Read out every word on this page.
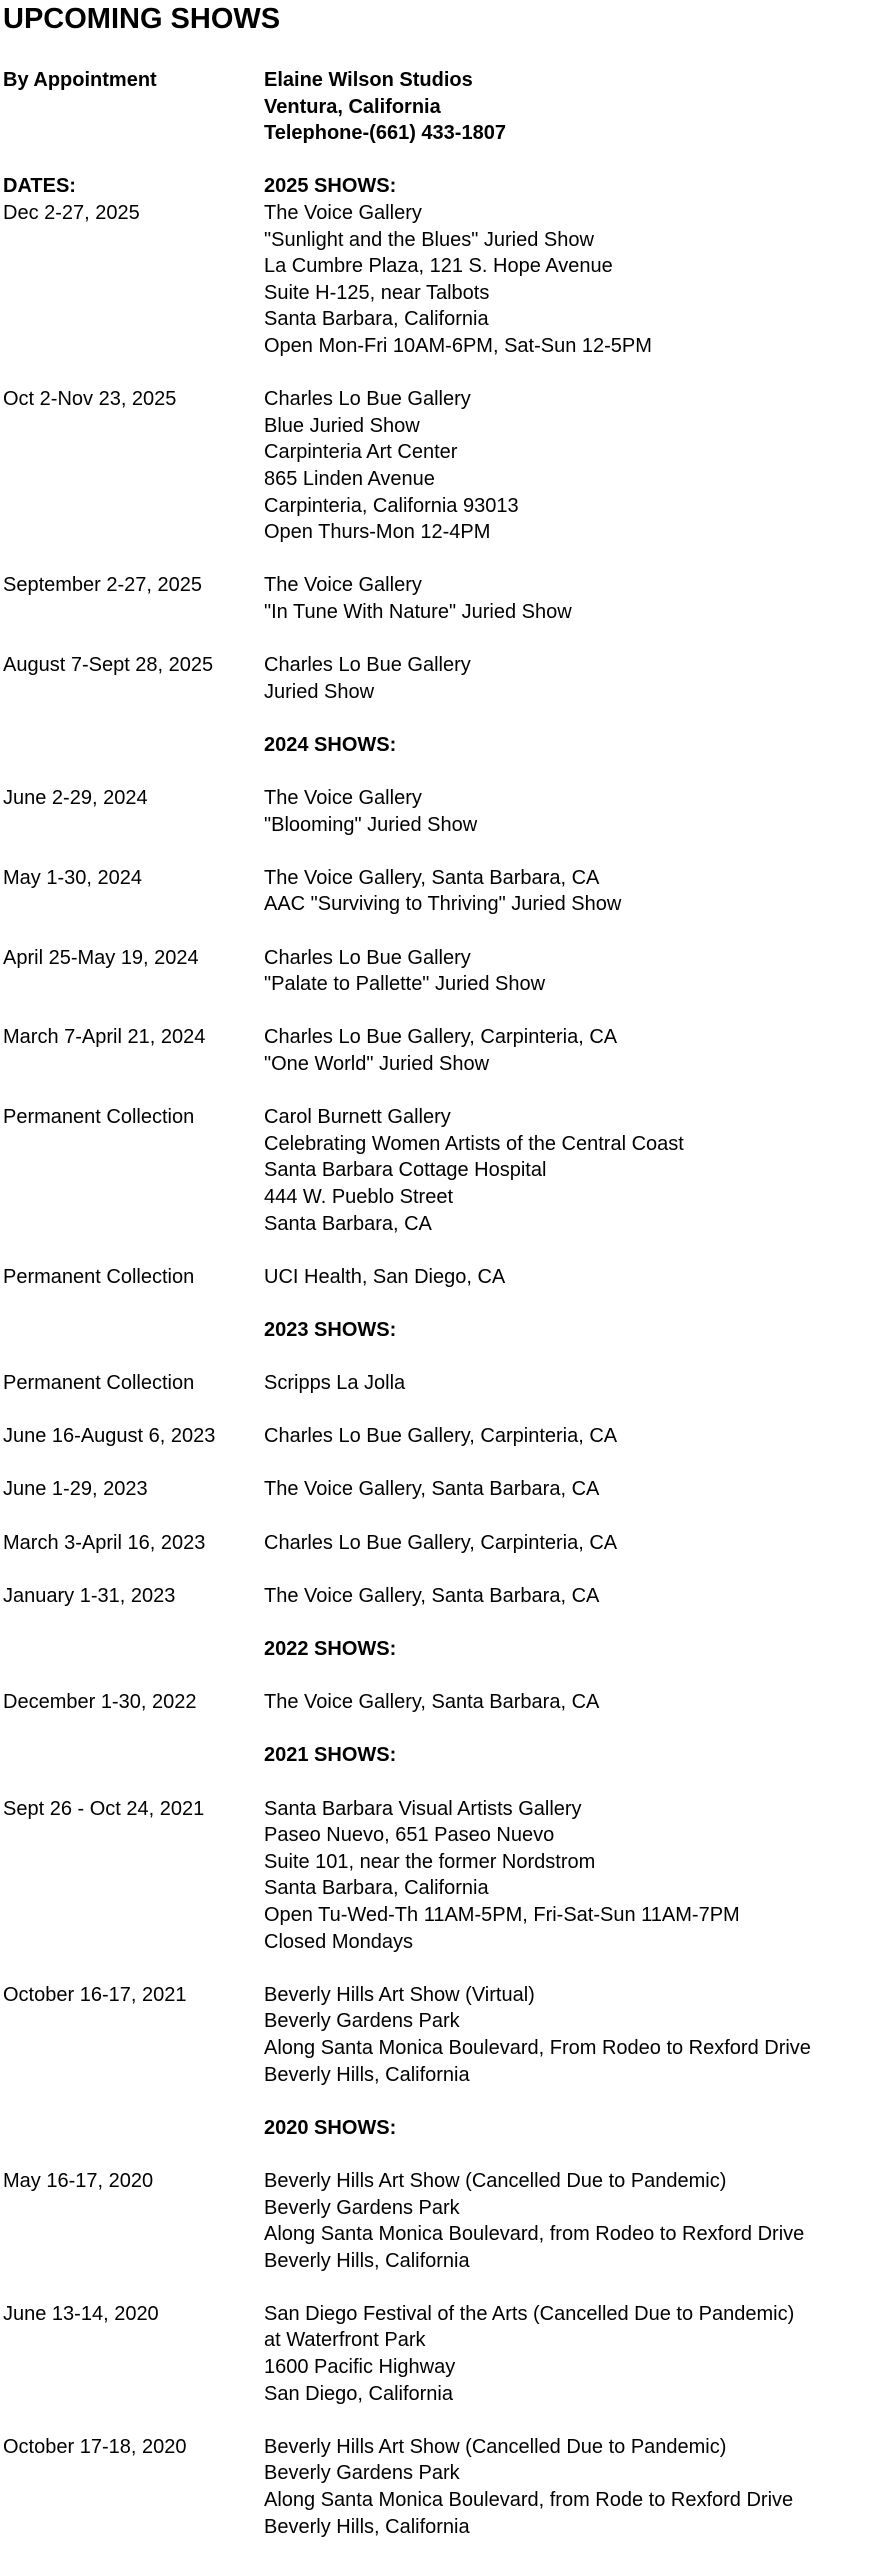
UPCOMING SHOWS
By Appointment	Elaine Wilson Studios
Ventura, California
Telephone-(661) 433-1807
DATES:	2025 SHOWS:
Dec 2-27, 2025	The Voice Gallery
"Sunlight and the Blues" Juried Show
La Cumbre Plaza, 121 S. Hope Avenue
Suite H-125, near Talbots
Santa Barbara, California
Open Mon-Fri 10AM-6PM, Sat-Sun 12-5PM
Oct 2-Nov 23, 2025	Charles Lo Bue Gallery
Blue Juried Show
Carpinteria Art Center
865 Linden Avenue
Carpinteria, California 93013
Open Thurs-Mon 12-4PM
September 2-27, 2025	The Voice Gallery
"In Tune With Nature" Juried Show
August 7-Sept 28, 2025	Charles Lo Bue Gallery
Juried Show
2024 SHOWS:
June 2-29, 2024	The Voice Gallery
"Blooming" Juried Show
May 1-30, 2024	The Voice Gallery, Santa Barbara, CA
AAC "Surviving to Thriving" Juried Show
April 25-May 19, 2024	Charles Lo Bue Gallery
"Palate to Pallette" Juried Show
March 7-April 21, 2024	Charles Lo Bue Gallery, Carpinteria, CA
"One World" Juried Show
Permanent Collection	Carol Burnett Gallery
Celebrating Women Artists of the Central Coast
Santa Barbara Cottage Hospital
444 W. Pueblo Street
Santa Barbara, CA
Permanent Collection	UCI Health, San Diego, CA
2023 SHOWS:
Permanent Collection	Scripps La Jolla
June 16-August 6, 2023	Charles Lo Bue Gallery, Carpinteria, CA
June 1-29, 2023	The Voice Gallery, Santa Barbara, CA
March 3-April 16, 2023	Charles Lo Bue Gallery, Carpinteria, CA
January 1-31, 2023	The Voice Gallery, Santa Barbara, CA
2022 SHOWS:
December 1-30, 2022	The Voice Gallery, Santa Barbara, CA
2021 SHOWS:
Sept 26 - Oct 24, 2021	Santa Barbara Visual Artists Gallery
Paseo Nuevo, 651 Paseo Nuevo
Suite 101, near the former Nordstrom
Santa Barbara, California
Open Tu-Wed-Th 11AM-5PM, Fri-Sat-Sun 11AM-7PM
Closed Mondays
October 16-17, 2021	Beverly Hills Art Show (Virtual)
Beverly Gardens Park
Along Santa Monica Boulevard, From Rodeo to Rexford Drive
Beverly Hills, California
2020 SHOWS:
May 16-17, 2020	Beverly Hills Art Show (Cancelled Due to Pandemic)
Beverly Gardens Park
Along Santa Monica Boulevard, from Rodeo to Rexford Drive
Beverly Hills, California
June 13-14, 2020	San Diego Festival of the Arts (Cancelled Due to Pandemic)
at Waterfront Park
1600 Pacific Highway
San Diego, California
October 17-18, 2020	Beverly Hills Art Show (Cancelled Due to Pandemic)
Beverly Gardens Park
Along Santa Monica Boulevard, from Rode to Rexford Drive
Beverly Hills, California
